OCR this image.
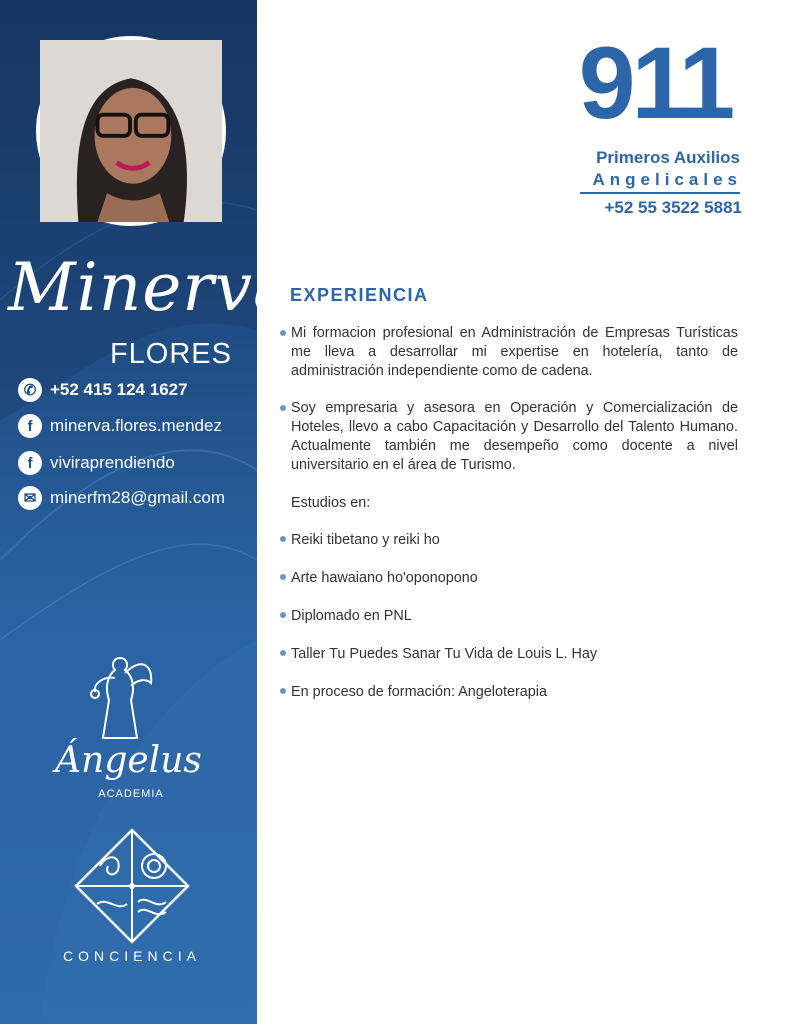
Minerva
FLORES
✆ +52 415 124 1627
f	minerva.flores.mendez
f	viviraprendiendo
✉ minerfm28@gmail.com
Ángelus
ACADEMIA
CONCIENCIA
911
Primeros Auxilios
Angelicales
+52 55 3522 5881
EXPERIENCIA
Mi formacion profesional en Administración de Empresas Turísticas me lleva a desarrollar mi expertise en hotelería, tanto de administración independiente como de cadena.
Soy empresaria y asesora en Operación y Comercialización de Hoteles, llevo a cabo Capacitación y Desarrollo del Talento Humano. Actualmente también me desempeño como docente a nivel universitario en el área de Turismo.
Estudios en:
Reiki tibetano y reiki ho
Arte hawaiano ho'oponopono
Diplomado en PNL
Taller Tu Puedes Sanar Tu Vida de Louis L. Hay
En proceso de formación: Angeloterapia
